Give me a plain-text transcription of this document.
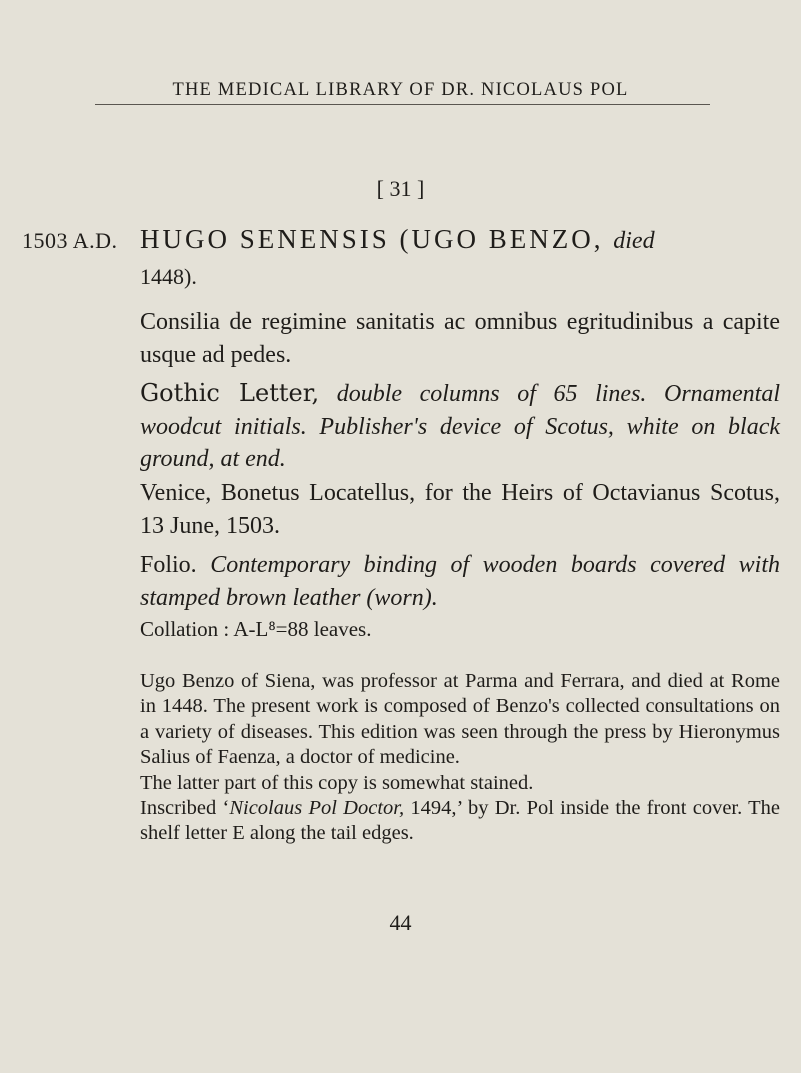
THE MEDICAL LIBRARY OF DR. NICOLAUS POL
[ 31 ]
1503 A.D. HUGO SENENSIS (UGO BENZO, died
1448).
Consilia de regimine sanitatis ac omnibus egritudinibus a capite usque ad pedes.
Gothic Letter, double columns of 65 lines. Ornamental woodcut initials. Publisher's device of Scotus, white on black ground, at end.
Venice, Bonetus Locatellus, for the Heirs of Octavianus Scotus, 13 June, 1503.
Folio. Contemporary binding of wooden boards covered with stamped brown leather (worn).
Collation : A-L⁸=88 leaves.

Ugo Benzo of Siena, was professor at Parma and Ferrara, and died at Rome in 1448. The present work is composed of Benzo's collected consultations on a variety of diseases. This edition was seen through the press by Hieronymus Salius of Faenza, a doctor of medicine.

The latter part of this copy is somewhat stained.

Inscribed ‘Nicolaus Pol Doctor, 1494,’ by Dr. Pol inside the front cover. The shelf letter E along the tail edges.

44
